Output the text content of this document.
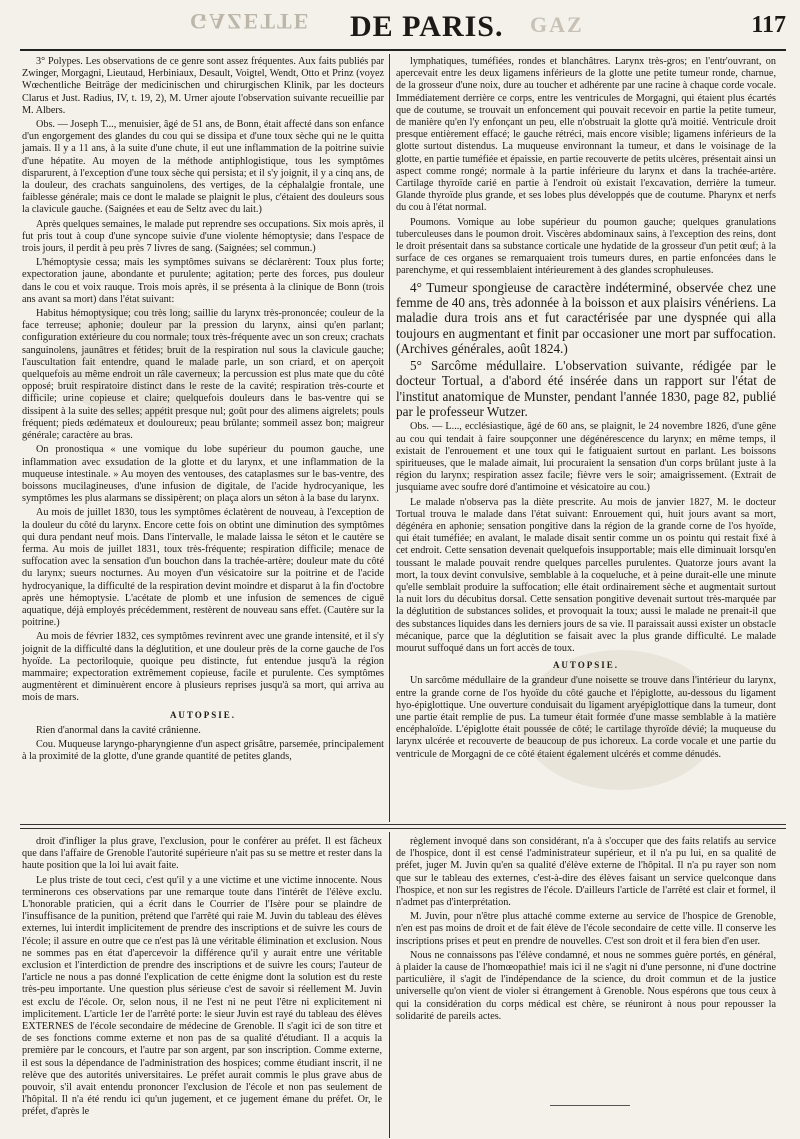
GAZETTE DE PARIS. GAZ	117

3° Polypes. Les observations de ce genre sont assez fréquentes. Aux faits publiés par Zwinger, Morgagni, Lieutaud, Herbiniaux, Desault, Voigtel, Wendt, Otto et Prinz (voyez Wœchentliche Beiträge der medicinischen und chirurgischen Klinik, par les docteurs Clarus et Just. Radius, IV, t. 19, 2), M. Urner ajoute l'observation suivante recueillie par M. Albers.

Obs. — Joseph T..., menuisier, âgé de 51 ans, de Bonn, était affecté dans son enfance d'un engorgement des glandes du cou qui se dissipa et d'une toux sèche qui ne le quitta jamais. Il y a 11 ans, à la suite d'une chute, il eut une inflammation de la poitrine suivie d'une hépatite. Au moyen de la méthode antiphlogistique, tous les symptômes disparurent, à l'exception d'une toux sèche qui persista; et il s'y joignit, il y a cinq ans, de la douleur, des crachats sanguinolens, des vertiges, de la céphalalgie frontale, une faiblesse générale; mais ce dont le malade se plaignit le plus, c'étaient des douleurs sous la clavicule gauche. (Saignées et eau de Seltz avec du lait.)

Après quelques semaines, le malade put reprendre ses occupations. Six mois après, il fut pris tout à coup d'une syncope suivie d'une violente hémoptysie; dans l'espace de trois jours, il perdit à peu près 7 livres de sang. (Saignées; sel commun.)

L'hémoptysie cessa; mais les symptômes suivans se déclarèrent: Toux plus forte; expectoration jaune, abondante et purulente; agitation; perte des forces, pus douleur dans le cou et voix rauque. Trois mois après, il se présenta à la clinique de Bonn (trois ans avant sa mort) dans l'état suivant:

Habitus hémoptysique; cou très long; saillie du larynx très-prononcée; couleur de la face terreuse; aphonie; douleur par la pression du larynx, ainsi qu'en parlant; configuration extérieure du cou normale; toux très-fréquente avec un son creux; crachats sanguinolens, jaunâtres et fétides; bruit de la respiration nul sous la clavicule gauche; l'auscultation fait entendre, quand le malade parle, un son criard, et on aperçoit quelquefois au même endroit un râle caverneux; la percussion est plus mate que du côté opposé; bruit respiratoire distinct dans le reste de la cavité; respiration très-courte et difficile; urine copieuse et claire; quelquefois douleurs dans le bas-ventre qui se dissipent à la suite des selles; appétit presque nul; goût pour des alimens aigrelets; pouls fréquent; pieds œdémateux et douloureux; peau brûlante; sommeil assez bon; maigreur générale; caractère au bras.

On pronostiqua « une vomique du lobe supérieur du poumon gauche, une inflammation avec exsudation de la glotte et du larynx, et une inflammation de la muqueuse intestinale. » Au moyen des ventouses, des cataplasmes sur le bas-ventre, des boissons mucilagineuses, d'une infusion de digitale, de l'acide hydrocyanique, les symptômes les plus alarmans se dissipèrent; on plaça alors un séton à la base du larynx.

Au mois de juillet 1830, tous les symptômes éclatèrent de nouveau, à l'exception de la douleur du côté du larynx. Encore cette fois on obtint une diminution des symptômes qui dura pendant neuf mois. Dans l'intervalle, le malade laissa le séton et le cautère se ferma. Au mois de juillet 1831, toux très-fréquente; respiration difficile; menace de suffocation avec la sensation d'un bouchon dans la trachée-artère; douleur mate du côté du larynx; sueurs nocturnes. Au moyen d'un vésicatoire sur la poitrine et de l'acide hydrocyanique, la difficulté de la respiration devint moindre et disparut à la fin d'octobre après une hémoptysie. L'acétate de plomb et une infusion de semences de ciguë aquatique, déjà employés précédemment, restèrent de nouveau sans effet. (Cautère sur la poitrine.)

Au mois de février 1832, ces symptômes revinrent avec une grande intensité, et il s'y joignit de la difficulté dans la déglutition, et une douleur près de la corne gauche de l'os hyoïde. La pectoriloquie, quoique peu distincte, fut entendue jusqu'à la région mammaire; expectoration extrêmement copieuse, facile et purulente. Ces symptômes augmentèrent et diminuèrent encore à plusieurs reprises jusqu'à sa mort, qui arriva au mois de mars.

AUTOPSIE.

Rien d'anormal dans la cavité crânienne.

Cou. Muqueuse laryngo-pharyngienne d'un aspect grisâtre, parsemée, principalement à la proximité de la glotte, d'une grande quantité de petites glands,

lymphatiques, tuméfiées, rondes et blanchâtres. Larynx très-gros; en l'entr'ouvrant, on apercevait entre les deux ligamens inférieurs de la glotte une petite tumeur ronde, charnue, de la grosseur d'une noix, dure au toucher et adhérente par une racine à chaque corde vocale. Immédiatement derrière ce corps, entre les ventricules de Morgagni, qui étaient plus écartés que de coutume, se trouvait un enfoncement qui pouvait recevoir en partie la petite tumeur, de manière qu'en l'y enfonçant un peu, elle n'obstruait la glotte qu'à moitié. Ventricule droit presque entièrement effacé; le gauche rétréci, mais encore visible; ligamens inférieurs de la glotte surtout distendus. La muqueuse environnant la tumeur, et dans le voisinage de la glotte, en partie tuméfiée et épaissie, en partie recouverte de petits ulcères, présentait ainsi un aspect comme rongé; normale à la partie inférieure du larynx et dans la trachée-artère. Cartilage thyroïde carié en partie à l'endroit où existait l'excavation, derrière la tumeur. Glande thyroïde plus grande, et ses lobes plus développés que de coutume. Pharynx et nerfs du cou à l'état normal.

Poumons. Vomique au lobe supérieur du poumon gauche; quelques granulations tuberculeuses dans le poumon droit. Viscères abdominaux sains, à l'exception des reins, dont le droit présentait dans sa substance corticale une hydatide de la grosseur d'un petit œuf; à la surface de ces organes se remarquaient trois tumeurs dures, en partie enfoncées dans le parenchyme, et qui ressemblaient intérieurement à des glandes scrophuleuses.

4° Tumeur spongieuse de caractère indéterminé, observée chez une femme de 40 ans, très adonnée à la boisson et aux plaisirs vénériens. La maladie dura trois ans et fut caractérisée par une dyspnée qui alla toujours en augmentant et finit par occasioner une mort par suffocation. (Archives générales, août 1824.)

5° Sarcôme médullaire. L'observation suivante, rédigée par le docteur Tortual, a d'abord été insérée dans un rapport sur l'état de l'institut anatomique de Munster, pendant l'année 1830, page 82, publié par le professeur Wutzer.

Obs. — L..., ecclésiastique, âgé de 60 ans, se plaignit, le 24 novembre 1826, d'une gêne au cou qui tendait à faire soupçonner une dégénérescence du larynx; en même temps, il existait de l'enrouement et une toux qui le fatiguaient surtout en parlant. Les boissons spiritueuses, que le malade aimait, lui procuraient la sensation d'un corps brûlant juste à la région du larynx; respiration assez facile; fièvre vers le soir; amaigrissement. (Extrait de jusquiame avec soufre doré d'antimoine et vésicatoire au cou.)

Le malade n'observa pas la diète prescrite. Au mois de janvier 1827, M. le docteur Tortual trouva le malade dans l'état suivant: Enrouement qui, huit jours avant sa mort, dégénéra en aphonie; sensation pongitive dans la région de la grande corne de l'os hyoïde, qui était tuméfiée; en avalant, le malade disait sentir comme un os pointu qui restait fixé à cet endroit. Cette sensation devenait quelquefois insupportable; mais elle diminuait lorsqu'en toussant le malade pouvait rendre quelques parcelles purulentes. Quatorze jours avant la mort, la toux devint convulsive, semblable à la coqueluche, et à peine durait-elle une minute qu'elle semblait produire la suffocation; elle était ordinairement sèche et augmentait surtout la nuit lors du décubitus dorsal. Cette sensation pongitive devenait surtout très-marquée par la déglutition de substances solides, et provoquait la toux; aussi le malade ne prenait-il que des substances liquides dans les derniers jours de sa vie. Il paraissait aussi exister un obstacle mécanique, parce que la déglutition se faisait avec la plus grande difficulté. Le malade mourut suffoqué dans un fort accès de toux.

AUTOPSIE.

Un sarcôme médullaire de la grandeur d'une noisette se trouve dans l'intérieur du larynx, entre la grande corne de l'os hyoïde du côté gauche et l'épiglotte, au-dessous du ligament hyo-épiglottique. Une ouverture conduisait du ligament aryépiglottique dans la tumeur, dont une partie était remplie de pus. La tumeur était formée d'une masse semblable à la matière encéphaloïde. L'épiglotte était poussée de côté; le cartilage thyroïde dévié; la muqueuse du larynx ulcérée et recouverte de beaucoup de pus ichoreux. La corde vocale et une partie du ventricule de Morgagni de ce côté étaient également ulcérés et comme dénudés.

droit d'infliger la plus grave, l'exclusion, pour le conférer au préfet. Il est fâcheux que dans l'affaire de Grenoble l'autorité supérieure n'ait pas su se mettre et rester dans la haute position que la loi lui avait faite.

Le plus triste de tout ceci, c'est qu'il y a une victime et une victime innocente. Nous terminerons ces observations par une remarque toute dans l'intérêt de l'élève exclu. L'honorable praticien, qui a écrit dans le Courrier de l'Isère pour se plaindre de l'insuffisance de la punition, prétend que l'arrêté qui raie M. Juvin du tableau des élèves externes, lui interdit implicitement de prendre des inscriptions et de suivre les cours de l'école; il assure en outre que ce n'est pas là une véritable élimination et exclusion. Nous ne sommes pas en état d'apercevoir la différence qu'il y aurait entre une véritable exclusion et l'interdiction de prendre des inscriptions et de suivre les cours; l'auteur de l'article ne nous a pas donné l'explication de cette énigme dont la solution est du reste très-peu importante. Une question plus sérieuse c'est de savoir si réellement M. Juvin est exclu de l'école. Or, selon nous, il ne l'est ni ne peut l'être ni explicitement ni implicitement. L'article 1er de l'arrêté porte: le sieur Juvin est rayé du tableau des élèves EXTERNES de l'école secondaire de médecine de Grenoble. Il s'agit ici de son titre et de ses fonctions comme externe et non pas de sa qualité d'étudiant. Il a acquis la première par le concours, et l'autre par son argent, par son inscription. Comme externe, il est sous la dépendance de l'administration des hospices; comme étudiant inscrit, il ne relève que des autorités universitaires. Le préfet aurait commis le plus grave abus de pouvoir, s'il avait entendu prononcer l'exclusion de l'école et non pas seulement de l'hôpital. Il n'a été rendu ici qu'un jugement, et ce jugement émane du préfet. Or, le préfet, d'après le

règlement invoqué dans son considérant, n'a à s'occuper que des faits relatifs au service de l'hospice, dont il est censé l'administrateur supérieur, et il n'a pu lui, en sa qualité de préfet, juger M. Juvin qu'en sa qualité d'élève externe de l'hôpital. Il n'a pu rayer son nom que sur le tableau des externes, c'est-à-dire des élèves faisant un service quelconque dans l'hospice, et non sur les registres de l'école. D'ailleurs l'article de l'arrêté est clair et formel, il n'admet pas d'interprétation.

M. Juvin, pour n'être plus attaché comme externe au service de l'hospice de Grenoble, n'en est pas moins de droit et de fait élève de l'école secondaire de cette ville. Il conserve les inscriptions prises et peut en prendre de nouvelles. C'est son droit et il fera bien d'en user.

Nous ne connaissons pas l'élève condamné, et nous ne sommes guère portés, en général, à plaider la cause de l'homœopathie! mais ici il ne s'agit ni d'une personne, ni d'une doctrine particulière, il s'agit de l'indépendance de la science, du droit commun et de la justice universelle qu'on vient de violer si étrangement à Grenoble. Nous espérons que tous ceux à qui la considération du corps médical est chère, se réuniront à nous pour repousser la solidarité de pareils actes.
